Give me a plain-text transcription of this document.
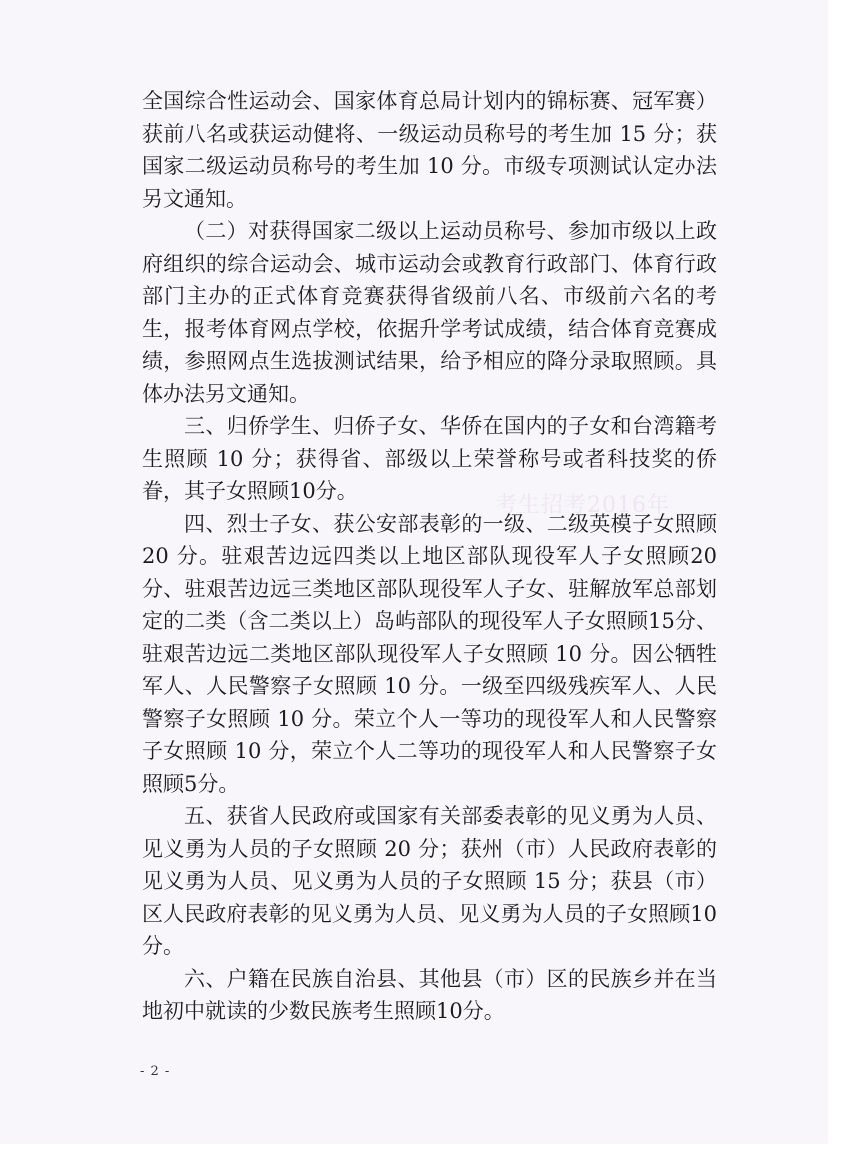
考生招考2016年

全国综合性运动会、国家体育总局计划内的锦标赛、冠军赛）获前八名或获运动健将、一级运动员称号的考生加 15 分；获国家二级运动员称号的考生加 10 分。市级专项测试认定办法另文通知。

（二）对获得国家二级以上运动员称号、参加市级以上政府组织的综合运动会、城市运动会或教育行政部门、体育行政部门主办的正式体育竞赛获得省级前八名、市级前六名的考生，报考体育网点学校，依据升学考试成绩，结合体育竞赛成绩，参照网点生选拔测试结果，给予相应的降分录取照顾。具体办法另文通知。

三、归侨学生、归侨子女、华侨在国内的子女和台湾籍考生照顾 10 分；获得省、部级以上荣誉称号或者科技奖的侨眷，其子女照顾10分。

四、烈士子女、获公安部表彰的一级、二级英模子女照顾 20 分。驻艰苦边远四类以上地区部队现役军人子女照顾20分、驻艰苦边远三类地区部队现役军人子女、驻解放军总部划定的二类（含二类以上）岛屿部队的现役军人子女照顾15分、驻艰苦边远二类地区部队现役军人子女照顾 10 分。因公牺牲军人、人民警察子女照顾 10 分。一级至四级残疾军人、人民警察子女照顾 10 分。荣立个人一等功的现役军人和人民警察子女照顾 10 分，荣立个人二等功的现役军人和人民警察子女照顾5分。

五、获省人民政府或国家有关部委表彰的见义勇为人员、见义勇为人员的子女照顾 20 分；获州（市）人民政府表彰的见义勇为人员、见义勇为人员的子女照顾 15 分；获县（市）区人民政府表彰的见义勇为人员、见义勇为人员的子女照顾10分。

六、户籍在民族自治县、其他县（市）区的民族乡并在当地初中就读的少数民族考生照顾10分。

- 2 -
